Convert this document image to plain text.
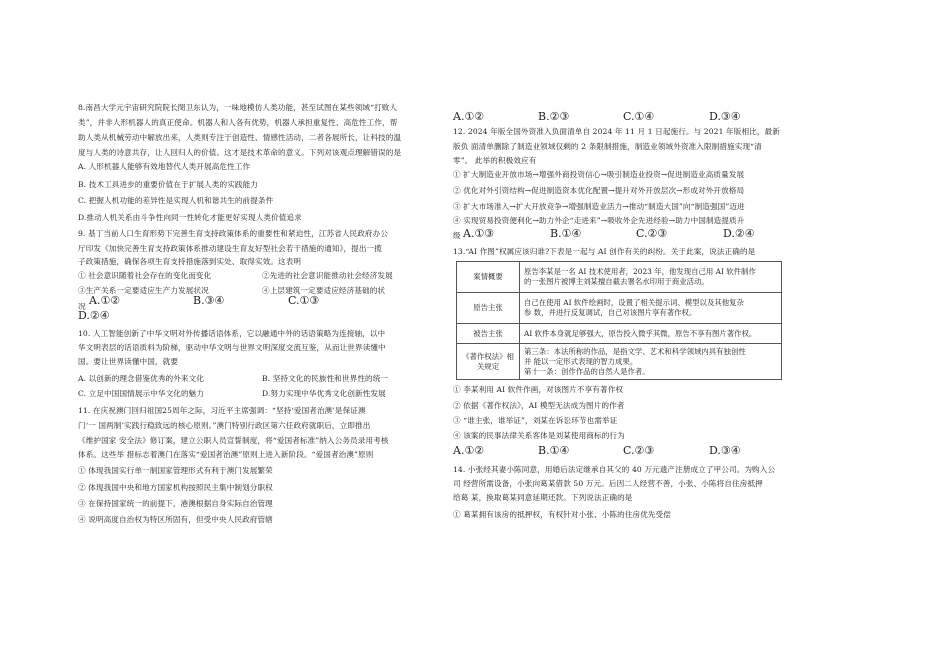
8.南昌大学元宇宙研究院院长閔卫东认为，一味地模仿人类功能，甚至试图在某些领域“打败人
类”，并非人形机器人的真正使命。机器人和人各有优势，机器人承担重复性、高危性工作，帮
助人类从机械劳动中解放出来，人类则专注于创造性、情感性活动，二者各展所长，让科技的温
度与人类的诗意共存，让人回归人的价值。这才是技术革命的意义。下列对该观点理解错误的是
A. 人形机器人能够有效地替代人类开展高危性工作
B. 技术工具进步的重要价值在于扩展人类的实践能力
C. 把握人机功能的差异性是实现人机和谐共生的前提条件
D.推动人机关系由斗争性向同一性转化才能更好实现人类价值追求
9. 基丁当前人口生育形势下完善生育支持政策体系的重要性和紧迫性，江苏省人民政府办公
厅印发《加快完善生育支持政策体系推动建设生育友好型社会若干措施的通知》，提出一揽
子政策措施，确保各项生育支持措施落到实处、取得实效。这表明
① 社会意识随着社会存在的变化而变化	②先进的社会意识能推动社会经济发展
③生产关系一定要适应生产力发展状况	④上层建筑一定要适应经济基础的状
况 A.①②	B.③④	C.①③
D.②④
10. 人工智能创新了中华文明对外传播话语体系，它以融通中外的话语策略为连接轴，以中
华文明表层的话语质料为阶梯，驱动中华文明与世界文明深度交流互鉴，从而让世界读懂中
国。要让世界读懂中国，就要
A. 以创新的理念借鉴优秀的外来文化	B. 坚持文化的民族性和世界性的统一
C. 立足中国国情展示中华文化的魅力	D.努力实现中华优秀文化创新性发展
11. 在庆祝澳门回归祖国25周年之际，习近平主席强调：“坚持‘爱国者治澳’是保证澳
门‘一 国两制’实践行稳致远的核心原则。”澳门特别行政区第六任政府就职后，立即推出
《维护国家 安全法》修订案，建立公职人员宣誓制度，将“爱国者标准”纳入公务员录用考核
体系。这些举 措标志着澳门在落实“爱国者治澳”原则上进入新阶段。“爱国者治澳”原则
① 体现我国实行单一制国家管理形式有利于澳门发展繁荣
② 体现我国中央和地方国家机构按照民主集中制划分职权
③ 在保持国家统一的前提下，港澳根据自身实际自治管理
④ 说明高度自治权为特区所固有，但受中央人民政府管辖
A.①②	B.②③	C.①④	D.③④
12. 2024 年版全国外资准入负面清单自 2024 年 11 月 1 日起施行。与 2021 年版相比，最新
版负 面清单删除了制造业领域仅剩的 2 条限制措施，制造业领域外资准入限制措施实现“清
零”。 此举的积极效应有
① 扩大制造业开放市场→增强外商投资信心→吸引制造业投资→促进制造业高质量发展
② 优化对外引资结构→促进制造资本优化配置→提升对外开放层次→形成对外开放格局
③ 扩大市场准入→扩大开放竞争→增强制造业活力→推动“制造大国”向“制造强国”迈进
④ 实现贸易投资便利化→助力外企“走进来”→吸收外企先进经验→助力中国制造提质升
级 A.①③	B.①④	C.②③	D.②④
13.“AI 作图”权属应该归谁?下表是一起与 AI 创作有关的纠纷。关于此案，说法正确的是
案情概要	原告李某是一名 AI 技术使用者，2023 年，他发现自己用 AI 软件制作
的一张图片被博主刘某擅自截去署名水印用于商业活动。

原告主张	自己在使用 AI 软件绘画时，设置了相关提示词、模型以及其他复杂
参 数，并进行反复调试，自己对该图片享有著作权。

被告主张	AI 软件本身就足够强大，原告投入微乎其微，原告不享有图片著作权。

《著作权法》相关规定	第三条：本法所称的作品，是指文学、艺术和科学领域内具有独创性
并 能以一定形式表现的智力成果。
第十一条：创作作品的自然人是作者。
① 李某利用 AI 软件作画，对该图片不享有著作权
② 依据《著作权法》，AI 模型无法成为图片的作者
③ “谁主张，谁举证”，刘某在诉讼环节也需举证
④ 该案的民事法律关系客体是刘某使用商标的行为
A.①②	B.①④	C.②③	D.③④
14. 小张经其妻小陈同意，用婚后法定继承自其父的 40 万元遗产注册成立了甲公司。为购入公
司 经营所需设备，小张向葛某借款 50 万元。后因二人经营不善，小张、小陈将自住房抵押
给葛 某，换取葛某同意延期还款。下列说法正确的是
① 葛某拥有该房的抵押权，有权针对小张、小陈的住房优先受偿
